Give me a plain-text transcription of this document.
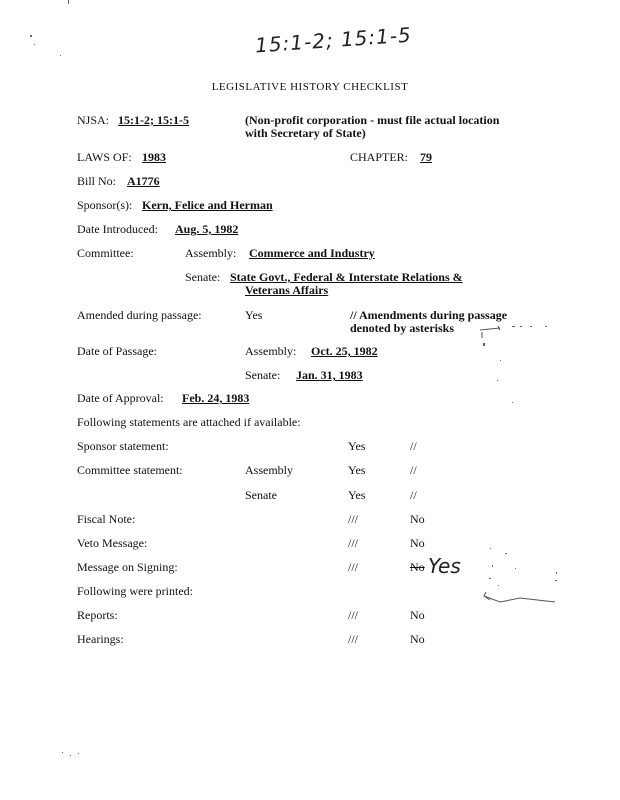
15:1-2; 15:1-5
LEGISLATIVE HISTORY CHECKLIST
NJSA: 15:1-2; 15:1-5	(Non-profit corporation - must file actual location
with Secretary of State)
LAWS OF: 1983	CHAPTER: 79
Bill No: A1776
Sponsor(s): Kern, Felice and Herman
Date Introduced: Aug. 5, 1982
Committee:	Assembly: Commerce and Industry
Senate: State Govt., Federal & Interstate Relations &
Veterans Affairs
Amended during passage:	Yes	// Amendments during passage
denoted by asterisks
Date of Passage:	Assembly: Oct. 25, 1982
Senate: Jan. 31, 1983
Date of Approval: Feb. 24, 1983
Following statements are attached if available:
Sponsor statement:	Yes	//
Committee statement:	Assembly	Yes	//
Senate	Yes	//
Fiscal Note:	///	No
Veto Message:	///	No
Message on Signing:	///	No Yes
Following were printed:
Reports:	///	No
Hearings:	///	No
